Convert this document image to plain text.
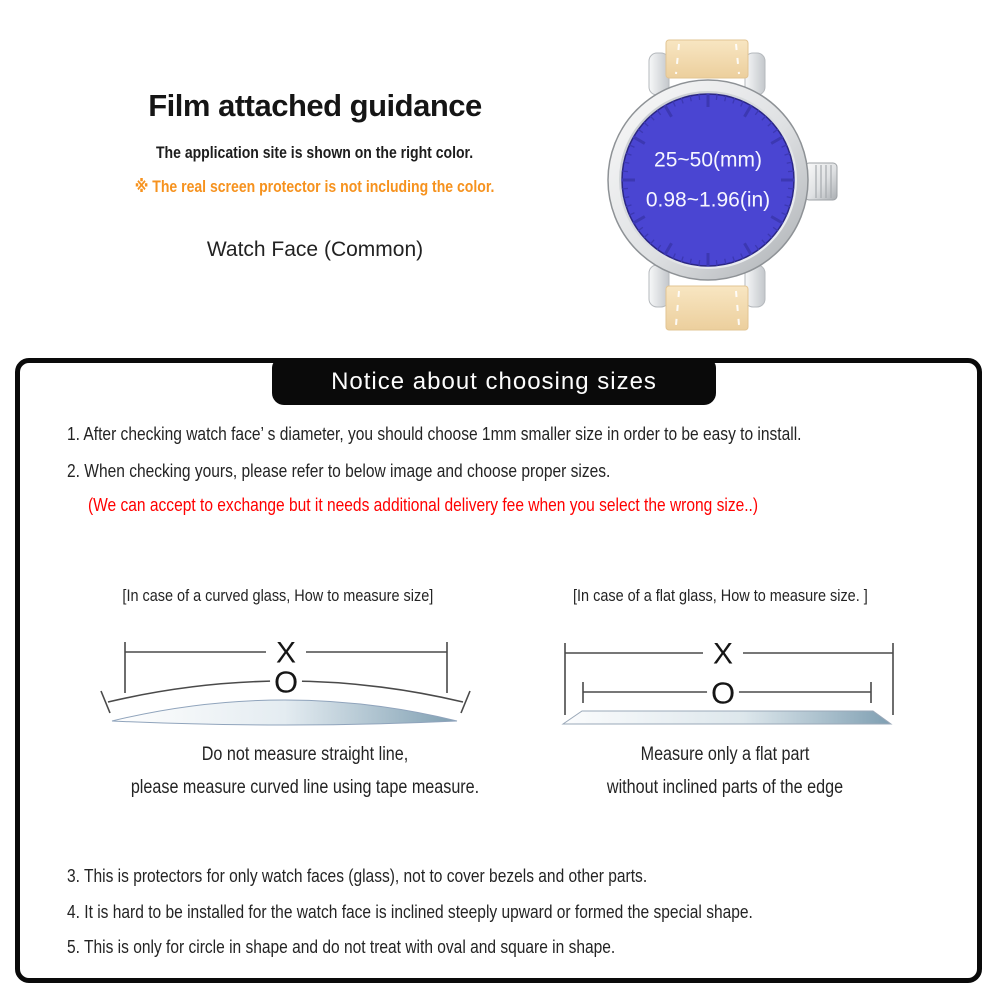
Film attached guidance

The application site is shown on the right color.

※ The real screen protector is not including the color.

Watch Face (Common)

25~50(mm)
0.98~1.96(in)
Notice about choosing sizes

1. After checking watch face’ s diameter, you should choose 1mm smaller size in order to be easy to install.

2. When checking yours, please refer to below image and choose proper sizes.

(We can accept to exchange but it needs additional delivery fee when you select the wrong size..)

[In case of a curved glass, How to measure size]	[In case of a flat glass, How to measure size. ]

X
O
X
O

Do not measure straight line,
please measure curved line using tape measure.

Measure only a flat part
without inclined parts of the edge

3. This is protectors for only watch faces (glass), not to cover bezels and other parts.

4. It is hard to be installed for the watch face is inclined steeply upward or formed the special shape.

5. This is only for circle in shape and do not treat with oval and square in shape.
